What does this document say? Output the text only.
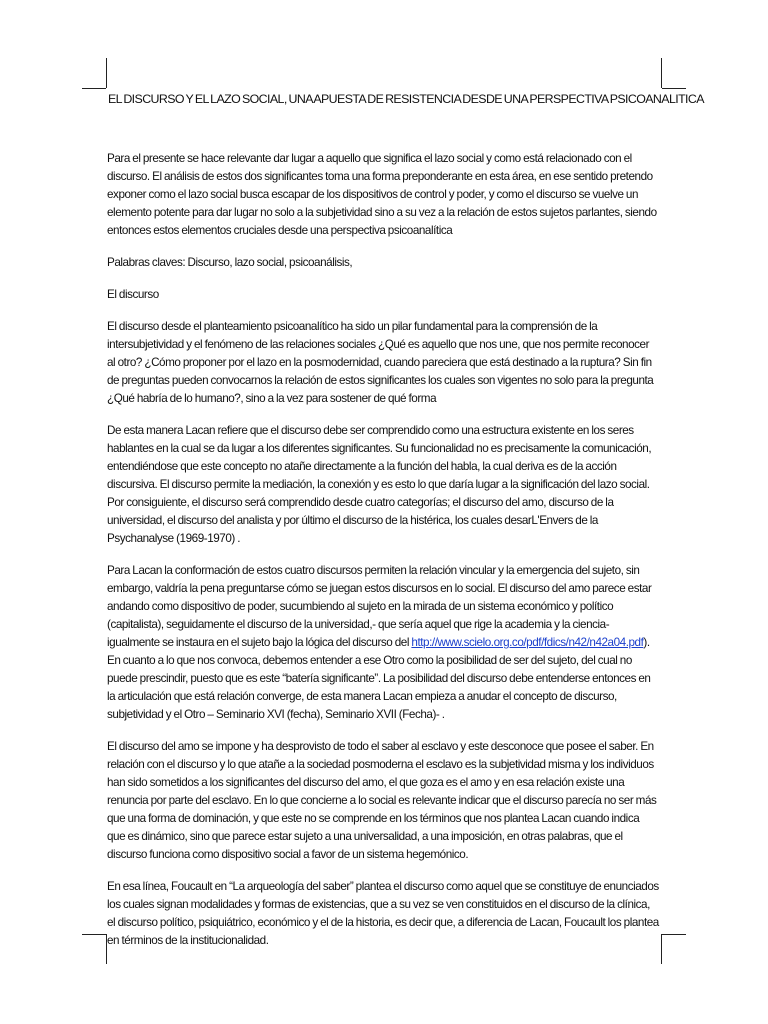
EL DISCURSO Y EL LAZO SOCIAL, UNA APUESTA DE RESISTENCIA DESDE UNA PERSPECTIVA PSICOANALITICA

Para el presente se hace relevante dar lugar a aquello que significa el lazo social y como está relacionado con el discurso. El análisis de estos dos significantes toma una forma preponderante en esta área, en ese sentido pretendo exponer como el lazo social busca escapar de los dispositivos de control y poder, y como el discurso se vuelve un elemento potente para dar lugar no solo a la subjetividad sino a su vez a la relación de estos sujetos parlantes, siendo entonces estos elementos cruciales desde una perspectiva psicoanalítica

Palabras claves: Discurso, lazo social, psicoanálisis,

El discurso

El discurso desde el planteamiento psicoanalítico ha sido un pilar fundamental para la comprensión de la intersubjetividad y el fenómeno de las relaciones sociales ¿Qué es aquello que nos une, que nos permite reconocer al otro? ¿Cómo proponer por el lazo en la posmodernidad, cuando pareciera que está destinado a la ruptura? Sin fin de preguntas pueden convocarnos la relación de estos significantes los cuales son vigentes no solo para la pregunta ¿Qué habría de lo humano?, sino a la vez para sostener de qué forma

De esta manera Lacan refiere que el discurso debe ser comprendido como una estructura existente en los seres hablantes en la cual se da lugar a los diferentes significantes. Su funcionalidad no es precisamente la comunicación, entendiéndose que este concepto no atañe directamente a la función del habla, la cual deriva es de la acción discursiva. El discurso permite la mediación, la conexión y es esto lo que daría lugar a la significación del lazo social. Por consiguiente, el discurso será comprendido desde cuatro categorías; el discurso del amo, discurso de la universidad, el discurso del analista y por último el discurso de la histérica, los cuales desarL'Envers de la Psychanalyse (1969-1970) .

Para Lacan la conformación de estos cuatro discursos permiten la relación vincular y la emergencia del sujeto, sin embargo, valdría la pena preguntarse cómo se juegan estos discursos en lo social. El discurso del amo parece estar andando como dispositivo de poder, sucumbiendo al sujeto en la mirada de un sistema económico y político (capitalista), seguidamente el discurso de la universidad,- que sería aquel que rige la academia y la ciencia- igualmente se instaura en el sujeto bajo la lógica del discurso del http://www.scielo.org.co/pdf/fdics/n42/n42a04.pdf). En cuanto a lo que nos convoca, debemos entender a ese Otro como la posibilidad de ser del sujeto, del cual no puede prescindir, puesto que es este “batería significante”. La posibilidad del discurso debe entenderse entonces en la articulación que está relación converge, de esta manera Lacan empieza a anudar el concepto de discurso, subjetividad y el Otro – Seminario XVI (fecha), Seminario XVII (Fecha)- .

El discurso del amo se impone y ha desprovisto de todo el saber al esclavo y este desconoce que posee el saber. En relación con el discurso y lo que atañe a la sociedad posmoderna el esclavo es la subjetividad misma y los individuos han sido sometidos a los significantes del discurso del amo, el que goza es el amo y en esa relación existe una renuncia por parte del esclavo. En lo que concierne a lo social es relevante indicar que el discurso parecía no ser más que una forma de dominación, y que este no se comprende en los términos que nos plantea Lacan cuando indica que es dinámico, sino que parece estar sujeto a una universalidad, a una imposición, en otras palabras, que el discurso funciona como dispositivo social a favor de un sistema hegemónico.

En esa línea, Foucault en “La arqueología del saber” plantea el discurso como aquel que se constituye de enunciados los cuales signan modalidades y formas de existencias, que a su vez se ven constituidos en el discurso de la clínica, el discurso político, psiquiátrico, económico y el de la historia, es decir que, a diferencia de Lacan, Foucault los plantea en términos de la institucionalidad.
